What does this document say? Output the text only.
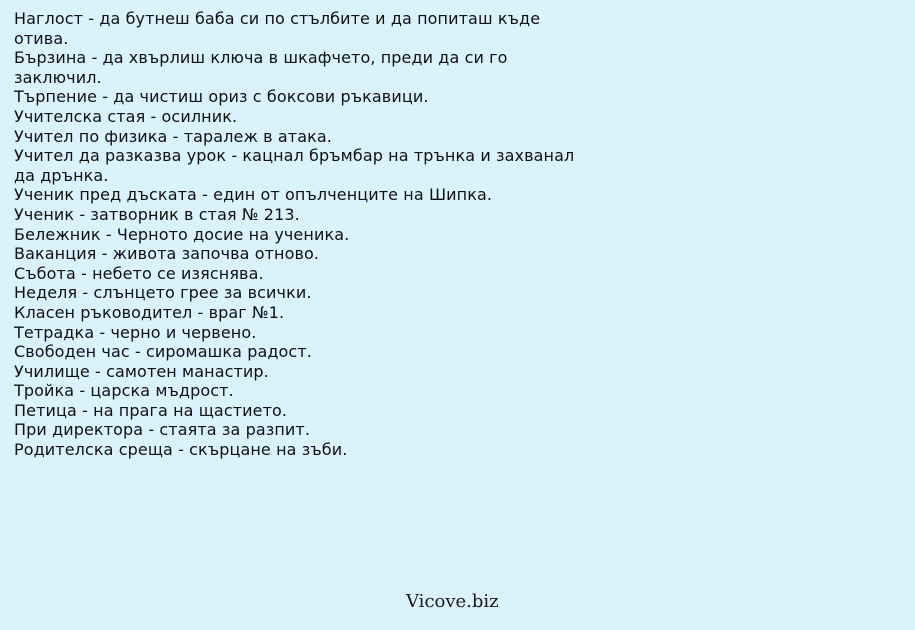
Наглост - да бутнеш баба си по стълбите и да попиташ къде отива.
Бързина - да хвърлиш ключа в шкафчето, преди да си го заключил.
Търпение - да чистиш ориз с боксови ръкавици.
Учителска стая - осилник.
Учител по физика - таралеж в атака.
Учител да разказва урок - кацнал бръмбар на трънка и захванал да дрънка.
Ученик пред дъската - един от опълченците на Шипка.
Ученик - затворник в стая № 213.
Бележник - Черното досие на ученика.
Ваканция - живота започва отново.
Събота - небето се изяснява.
Неделя - слънцето грее за всички.
Класен ръководител - враг №1.
Тетрадка - черно и червено.
Свободен час - сиромашка радост.
Училище - самотен манастир.
Тройка - царска мъдрост.
Петица - на прага на щастието.
При директора - стаята за разпит.
Родителска среща - скърцане на зъби.
Vicove.biz
